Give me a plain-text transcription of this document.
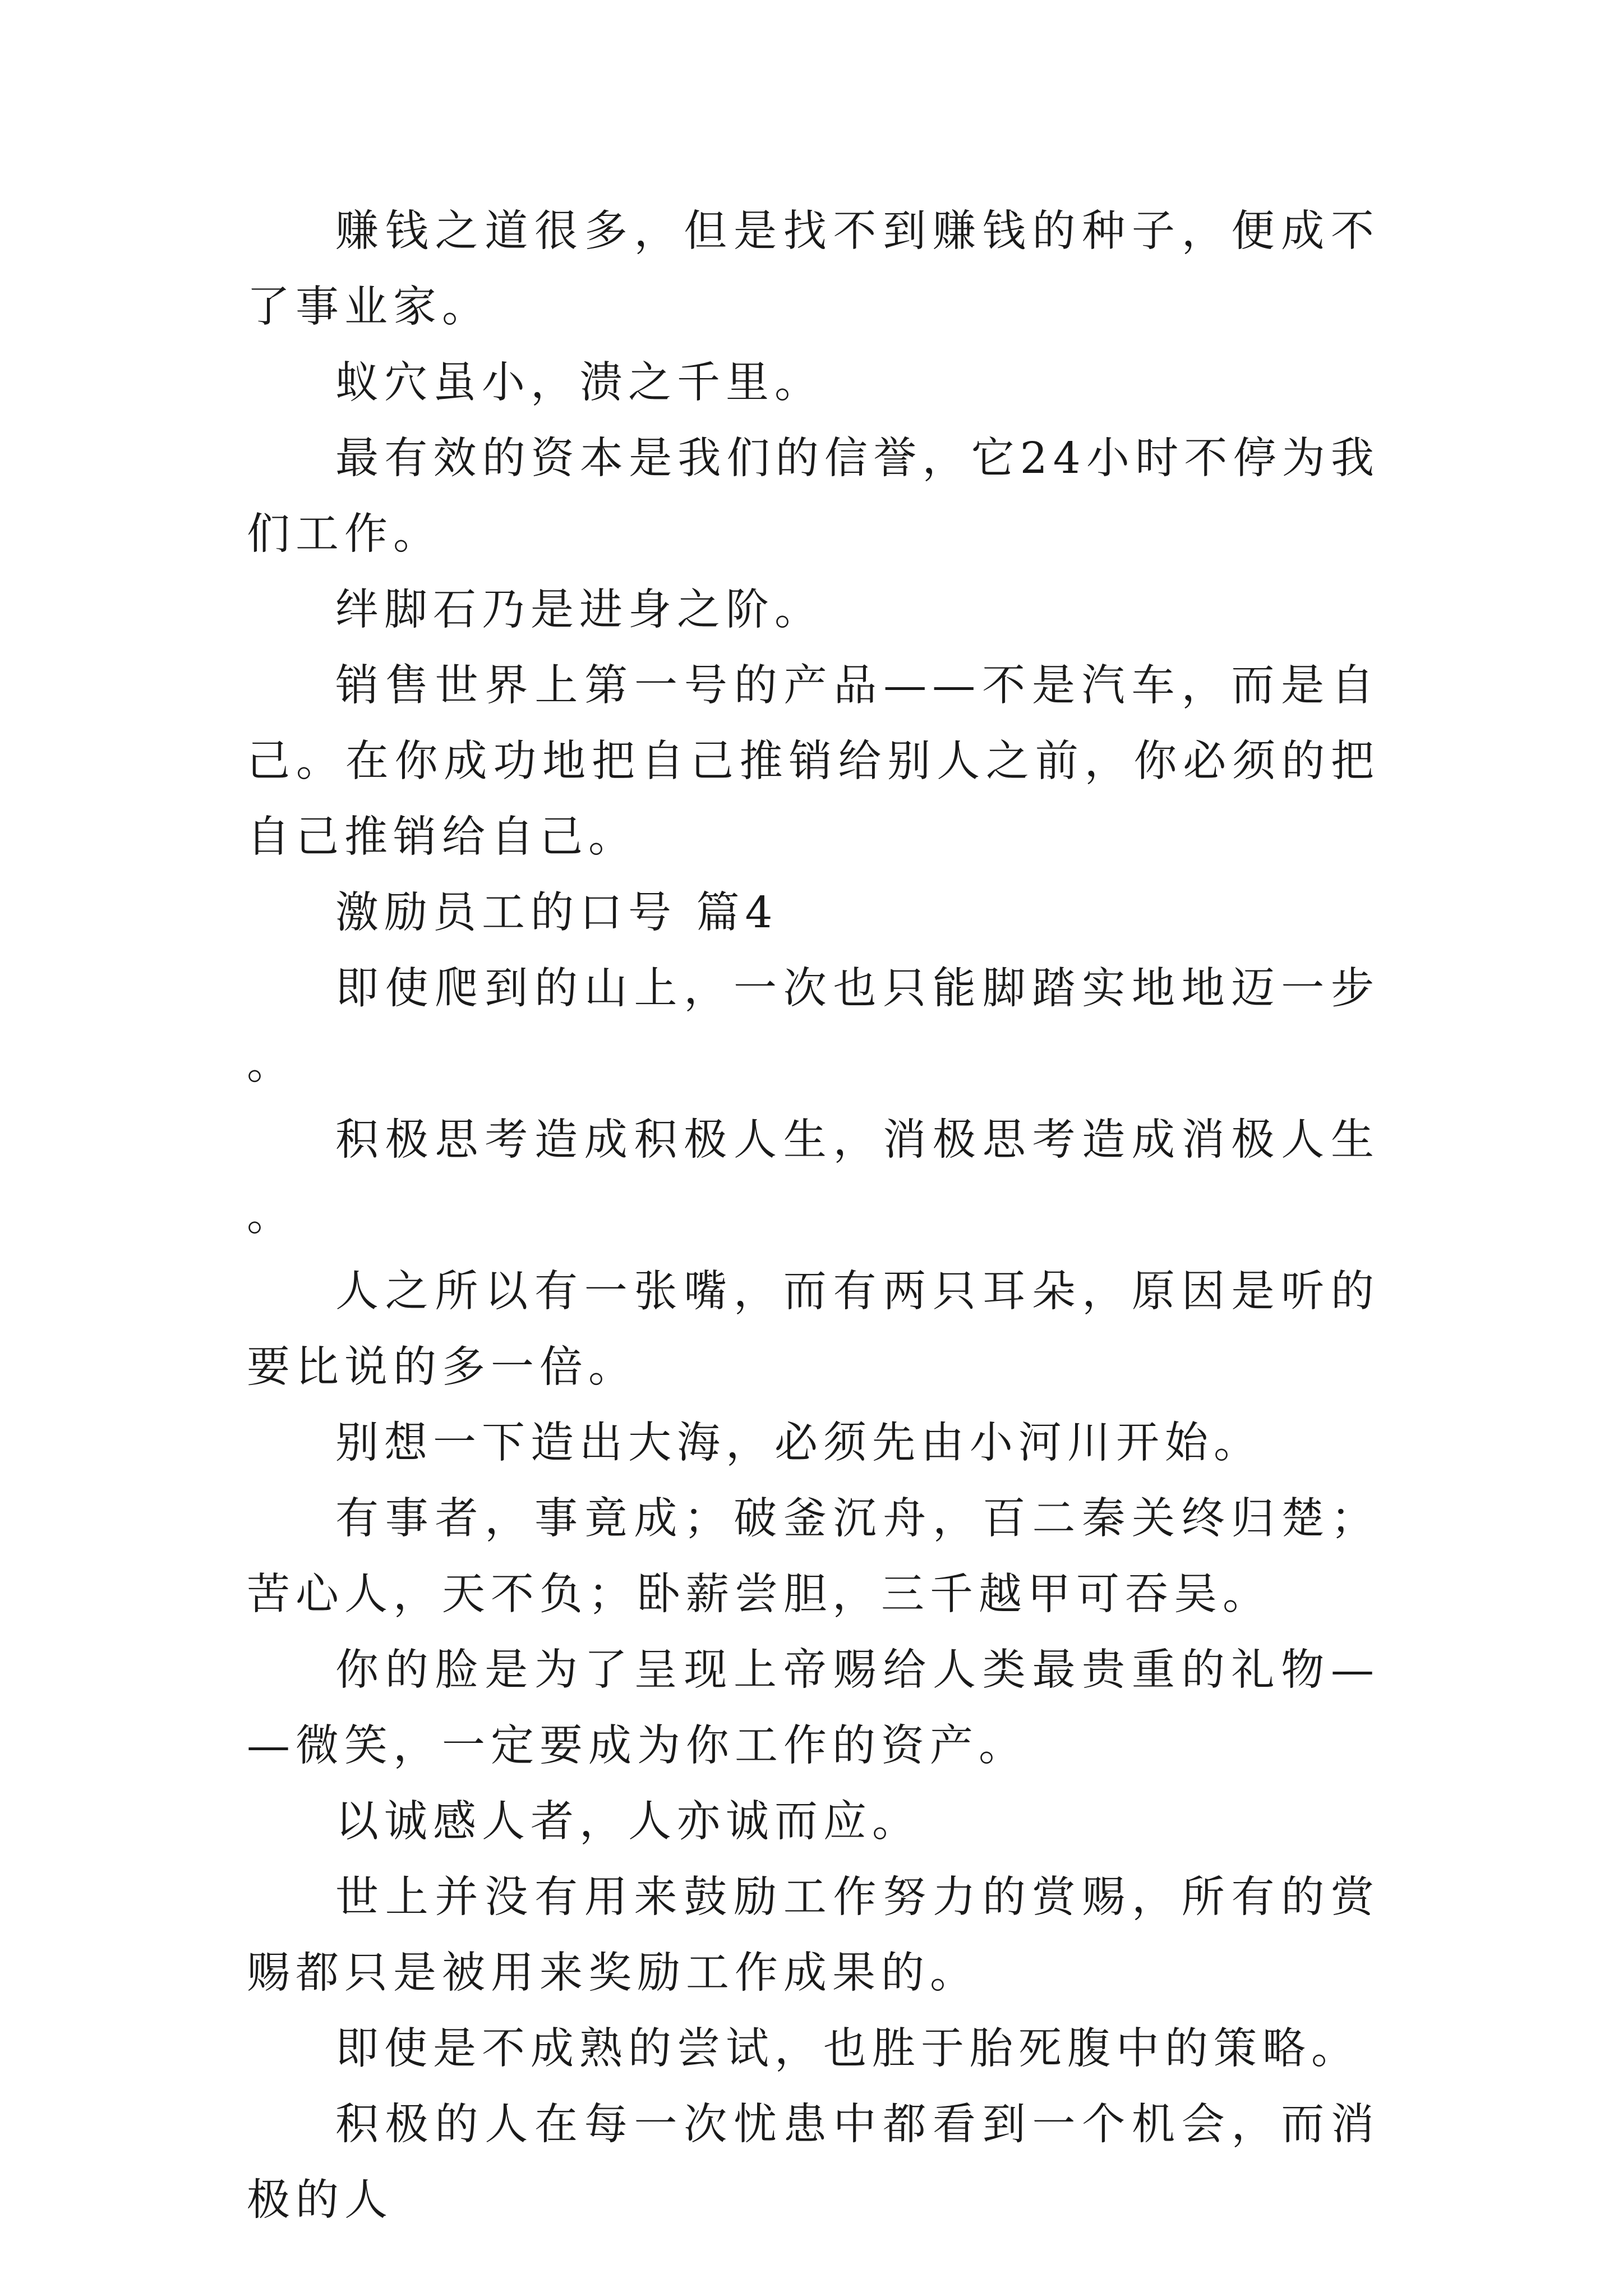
赚钱之道很多，但是找不到赚钱的种子，便成不了事业家。

蚁穴虽小，溃之千里。

最有效的资本是我们的信誉，它24小时不停为我们工作。

绊脚石乃是进身之阶。

销售世界上第一号的产品——不是汽车，而是自己。在你成功地把自己推销给别人之前，你必须的把自己推销给自己。

激励员工的口号 篇4

即使爬到的山上，一次也只能脚踏实地地迈一步。

积极思考造成积极人生，消极思考造成消极人生。

人之所以有一张嘴，而有两只耳朵，原因是听的要比说的多一倍。

别想一下造出大海，必须先由小河川开始。

有事者，事竟成；破釜沉舟，百二秦关终归楚；苦心人，天不负；卧薪尝胆，三千越甲可吞吴。

你的脸是为了呈现上帝赐给人类最贵重的礼物——微笑，一定要成为你工作的资产。

以诚感人者，人亦诚而应。

世上并没有用来鼓励工作努力的赏赐，所有的赏赐都只是被用来奖励工作成果的。

即使是不成熟的尝试，也胜于胎死腹中的策略。

积极的人在每一次忧患中都看到一个机会，而消极的人
